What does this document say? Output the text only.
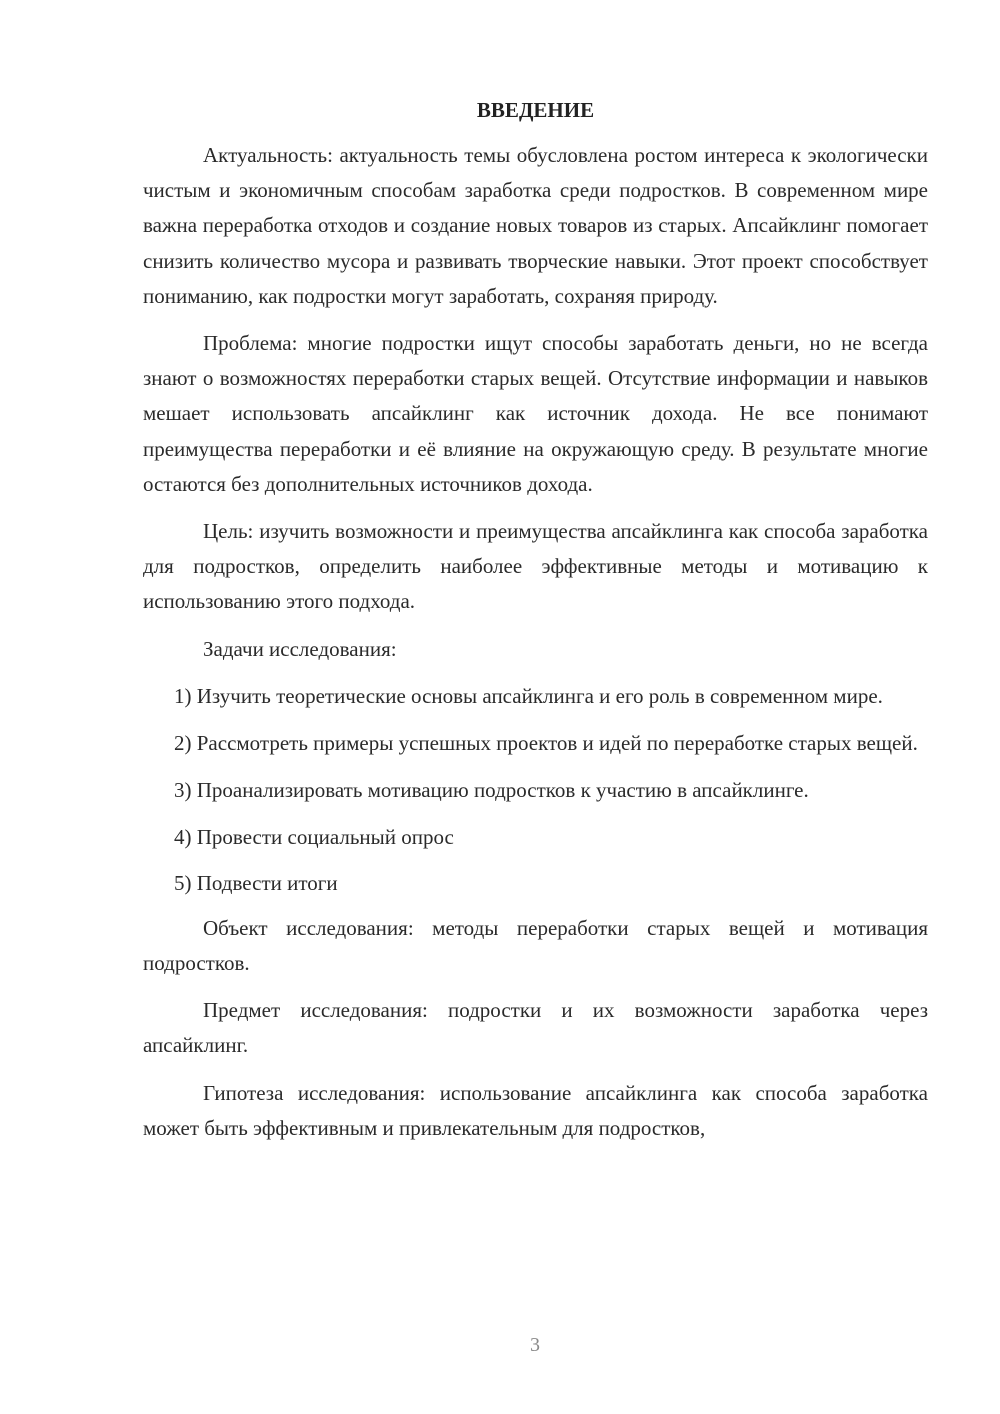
ВВЕДЕНИЕ

Актуальность: актуальность темы обусловлена ростом интереса к экологически чистым и экономичным способам заработка среди подростков. В современном мире важна переработка отходов и создание новых товаров из старых. Апсайклинг помогает снизить количество мусора и развивать творческие навыки. Этот проект способствует пониманию, как подростки могут заработать, сохраняя природу.

Проблема: многие подростки ищут способы заработать деньги, но не всегда знают о возможностях переработки старых вещей. Отсутствие информации и навыков мешает использовать апсайклинг как источник дохода. Не все понимают преимущества переработки и её влияние на окружающую среду. В результате многие остаются без дополнительных источников дохода.

Цель: изучить возможности и преимущества апсайклинга как способа заработка для подростков, определить наиболее эффективные методы и мотивацию к использованию этого подхода.

Задачи исследования:

1) Изучить теоретические основы апсайклинга и его роль в современном мире.

2) Рассмотреть примеры успешных проектов и идей по переработке старых вещей.

3) Проанализировать мотивацию подростков к участию в апсайклинге.

4) Провести социальный опрос

5) Подвести итоги

Объект исследования: методы переработки старых вещей и мотивация подростков.

Предмет исследования: подростки и их возможности заработка через апсайклинг.

Гипотеза исследования: использование апсайклинга как способа заработка может быть эффективным и привлекательным для подростков,

3
